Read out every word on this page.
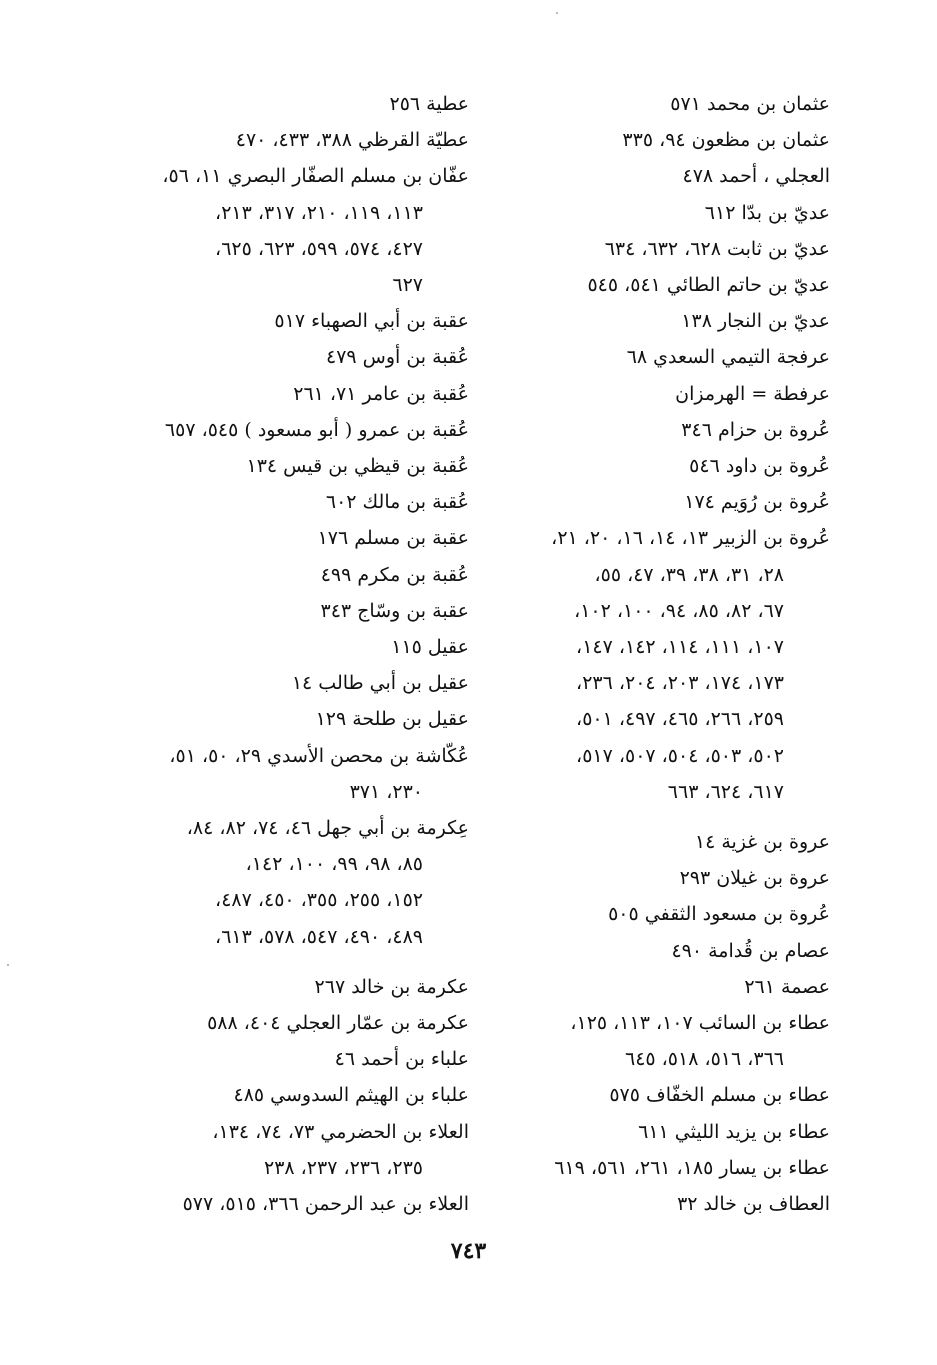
عثمان بن محمد ٥٧١
عثمان بن مظعون ٩٤، ٣٣٥
العجلي ، أحمد ٤٧٨
عديّ بن بدّا ٦١٢
عديّ بن ثابت ٦٢٨، ٦٣٢، ٦٣٤
عديّ بن حاتم الطائي ٥٤١، ٥٤٥
عديّ بن النجار ١٣٨
عرفجة التيمي السعدي ٦٨
عرفطة = الهرمزان
عُروة بن حزام ٣٤٦
عُروة بن داود ٥٤٦
عُروة بن رُوَيم ١٧٤
عُروة بن الزبير ١٣، ١٤، ١٦، ٢٠، ٢١،
٢٨، ٣١، ٣٨، ٣٩، ٤٧، ٥٥،
٦٧، ٨٢، ٨٥، ٩٤، ١٠٠، ١٠٢،
١٠٧، ١١١، ١١٤، ١٤٢، ١٤٧،
١٧٣، ١٧٤، ٢٠٣، ٢٠٤، ٢٣٦،
٢٥٩، ٢٦٦، ٤٦٥، ٤٩٧، ٥٠١،
٥٠٢، ٥٠٣، ٥٠٤، ٥٠٧، ٥١٧،
٦١٧، ٦٢٤، ٦٦٣
عروة بن غزية ١٤
عروة بن غيلان ٢٩٣
عُروة بن مسعود الثقفي ٥٠٥
عصام بن قُدامة ٤٩٠
عصمة ٢٦١
عطاء بن السائب ١٠٧، ١١٣، ١٢٥،
٣٦٦، ٥١٦، ٥١٨، ٦٤٥
عطاء بن مسلم الخفّاف ٥٧٥
عطاء بن يزيد الليثي ٦١١
عطاء بن يسار ١٨٥، ٢٦١، ٥٦١، ٦١٩
العطاف بن خالد ٣٢
عطية ٢٥٦
عطيّة القرظي ٣٨٨، ٤٣٣، ٤٧٠
عفّان بن مسلم الصفّار البصري ١١، ٥٦،
١١٣، ١١٩، ٢١٠، ٣١٧، ٢١٣،
٤٢٧، ٥٧٤، ٥٩٩، ٦٢٣، ٦٢٥،
٦٢٧
عقبة بن أبي الصهباء ٥١٧
عُقبة بن أوس ٤٧٩
عُقبة بن عامر ٧١، ٢٦١
عُقبة بن عمرو ( أبو مسعود ) ٥٤٥، ٦٥٧
عُقبة بن قيظي بن قيس ١٣٤
عُقبة بن مالك ٦٠٢
عقبة بن مسلم ١٧٦
عُقبة بن مكرم ٤٩٩
عقبة بن وسّاج ٣٤٣
عقيل ١١٥
عقيل بن أبي طالب ١٤
عقيل بن طلحة ١٢٩
عُكّاشة بن محصن الأسدي ٢٩، ٥٠، ٥١،
٢٣٠، ٣٧١
عِكرمة بن أبي جهل ٤٦، ٧٤، ٨٢، ٨٤،
٨٥، ٩٨، ٩٩، ١٠٠، ١٤٢،
١٥٢، ٢٥٥، ٣٥٥، ٤٥٠، ٤٨٧،
٤٨٩، ٤٩٠، ٥٤٧، ٥٧٨، ٦١٣،
عكرمة بن خالد ٢٦٧
عكرمة بن عمّار العجلي ٤٠٤، ٥٨٨
علباء بن أحمد ٤٦
علباء بن الهيثم السدوسي ٤٨٥
العلاء بن الحضرمي ٧٣، ٧٤، ١٣٤،
٢٣٥، ٢٣٦، ٢٣٧، ٢٣٨
العلاء بن عبد الرحمن ٣٦٦، ٥١٥، ٥٧٧
٧٤٣
